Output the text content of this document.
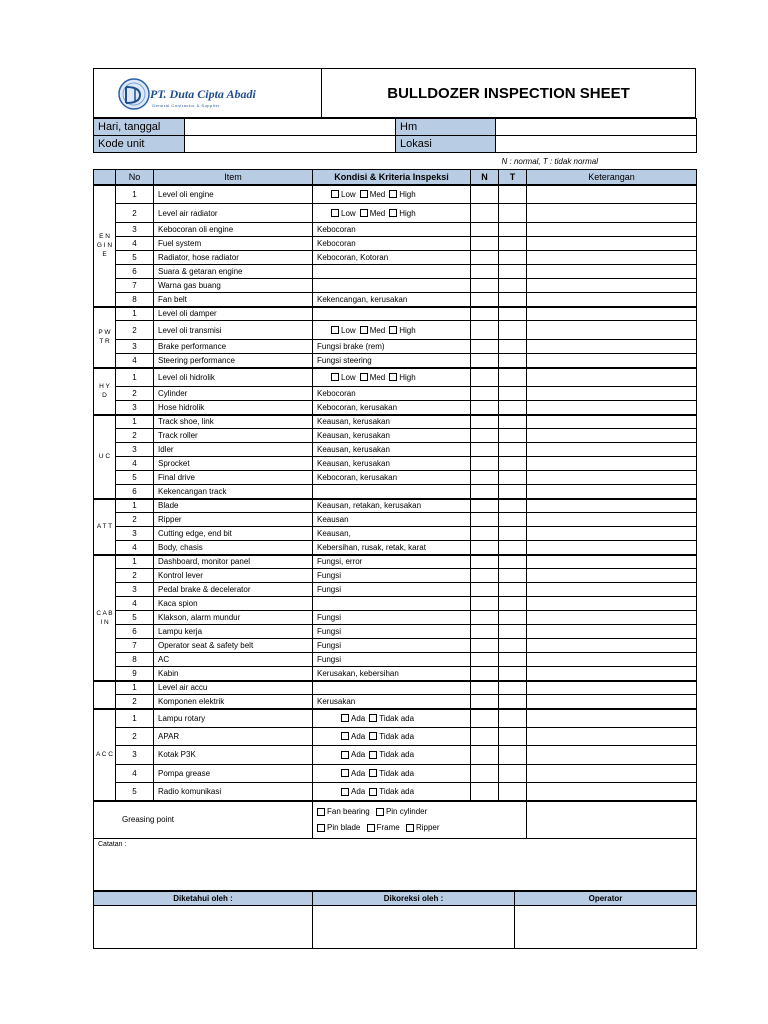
PT. Duta Cipta Abadi
General Contractor & Supplier
BULLDOZER INSPECTION SHEET
Hari, tanggal		Hm	
Kode unit		Lokasi	
N : normal, T : tidak normal
	No	Item	Kondisi & Kriteria Inspeksi	N	T	Keterangan
E N G I N E	1	Level oli engine	Low Med High			
	2	Level air radiator	Low Med High			
	3	Kebocoran oli engine	Kebocoran			
	4	Fuel system	Kebocoran			
	5	Radiator, hose radiator	Kebocoran, Kotoran			
	6	Suara & getaran engine				
	7	Warna gas buang				
	8	Fan belt	Kekencangan, kerusakan			
P W T R	1	Level oli damper				
	2	Level oli transmisi	Low Med High			
	3	Brake performance	Fungsi brake (rem)			
	4	Steering performance	Fungsi steering			
H Y D	1	Level oli hidrolik	Low Med High			
	2	Cylinder	Kebocoran			
	3	Hose hidrolik	Kebocoran, kerusakan			
U C	1	Track shoe, link	Keausan, kerusakan			
	2	Track roller	Keausan, kerusakan			
	3	Idler	Keausan, kerusakan			
	4	Sprocket	Keausan, kerusakan			
	5	Final drive	Kebocoran, kerusakan			
	6	Kekencangan track				
A T T	1	Blade	Keausan, retakan, kerusakan			
	2	Ripper	Keausan			
	3	Cutting edge, end bit	Keausan,			
	4	Body, chasis	Kebersihan, rusak, retak, karat			
C A B I N	1	Dashboard, monitor panel	Fungsi, error			
	2	Kontrol lever	Fungsi			
	3	Pedal brake & decelerator	Fungsi			
	4	Kaca spion				
	5	Klakson, alarm mundur	Fungsi			
	6	Lampu kerja	Fungsi			
	7	Operator seat & safety belt	Fungsi			
	8	AC	Fungsi			
	9	Kabin	Kerusakan, kebersihan			
	1	Level air accu				
	2	Komponen elektrik	Kerusakan			
A C C	1	Lampu rotary	Ada Tidak ada			
	2	APAR	Ada Tidak ada			
	3	Kotak P3K	Ada Tidak ada			
	4	Pompa grease	Ada Tidak ada			
	5	Radio komunikasi	Ada Tidak ada			
Greasing point			Fan bearing Pin cylinder
Pin blade Frame Ripper			

Catatan :						
Diketahui oleh :	Dikoreksi oleh :	Operator
